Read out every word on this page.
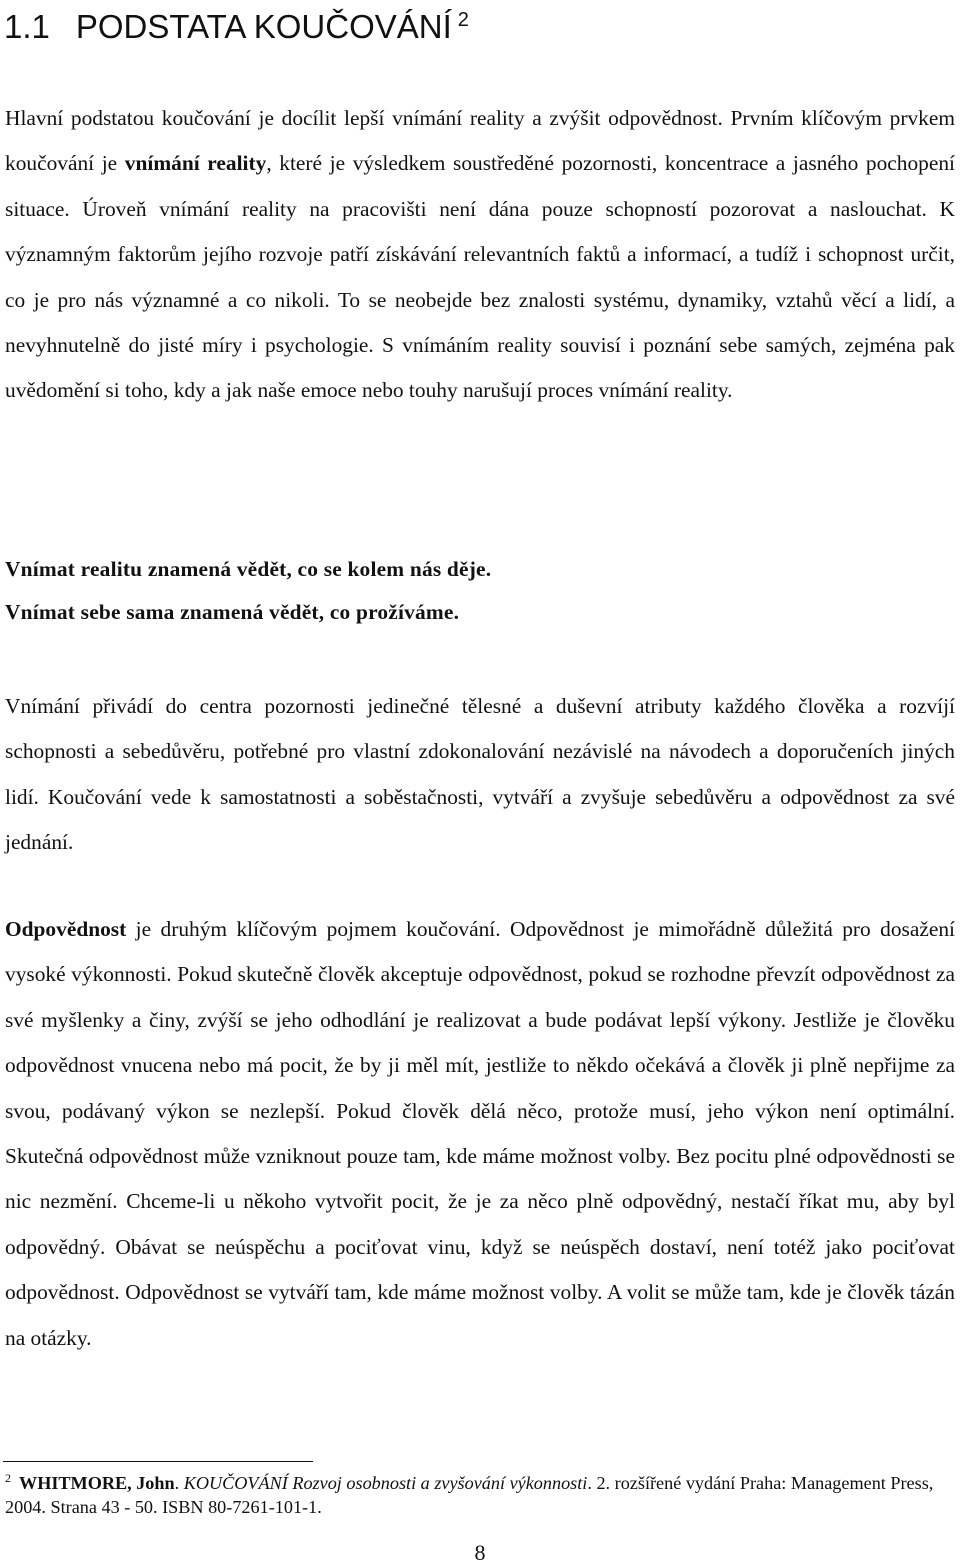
1.1 PODSTATA KOUČOVÁNÍ $^2$

Hlavní podstatou koučování je docílit lepší vnímání reality a zvýšit odpovědnost. Prvním klíčovým prvkem koučování je vnímání reality, které je výsledkem soustředěné pozornosti, koncentrace a jasného pochopení situace. Úroveň vnímání reality na pracovišti není dána pouze schopností pozorovat a naslouchat. K významným faktorům jejího rozvoje patří získávání relevantních faktů a informací, a tudíž i schopnost určit, co je pro nás významné a co nikoli. To se neobejde bez znalosti systému, dynamiky, vztahů věcí a lidí, a nevyhnutelně do jisté míry i psychologie. S vnímáním reality souvisí i poznání sebe samých, zejména pak uvědomění si toho, kdy a jak naše emoce nebo touhy narušují proces vnímání reality.

Vnímat realitu znamená vědět, co se kolem nás děje.
Vnímat sebe sama znamená vědět, co prožíváme.

Vnímání přivádí do centra pozornosti jedinečné tělesné a duševní atributy každého člověka a rozvíjí schopnosti a sebedůvěru, potřebné pro vlastní zdokonalování nezávislé na návodech a doporučeních jiných lidí. Koučování vede k samostatnosti a soběstačnosti, vytváří a zvyšuje sebedůvěru a odpovědnost za své jednání.

Odpovědnost je druhým klíčovým pojmem koučování. Odpovědnost je mimořádně důležitá pro dosažení vysoké výkonnosti. Pokud skutečně člověk akceptuje odpovědnost, pokud se rozhodne převzít odpovědnost za své myšlenky a činy, zvýší se jeho odhodlání je realizovat a bude podávat lepší výkony. Jestliže je člověku odpovědnost vnucena nebo má pocit, že by ji měl mít, jestliže to někdo očekává a člověk ji plně nepřijme za svou, podávaný výkon se nezlepší. Pokud člověk dělá něco, protože musí, jeho výkon není optimální. Skutečná odpovědnost může vzniknout pouze tam, kde máme možnost volby. Bez pocitu plné odpovědnosti se nic nezmění. Chceme-li u někoho vytvořit pocit, že je za něco plně odpovědný, nestačí říkat mu, aby byl odpovědný. Obávat se neúspěchu a pociťovat vinu, když se neúspěch dostaví, není totéž jako pociťovat odpovědnost. Odpovědnost se vytváří tam, kde máme možnost volby. A volit se může tam, kde je člověk tázán na otázky.

$^2$ WHITMORE, John. KOUČOVÁNÍ Rozvoj osobnosti a zvyšování výkonnosti. 2. rozšířené vydání Praha: Management Press, 2004. Strana 43 - 50. ISBN 80-7261-101-1.

8
